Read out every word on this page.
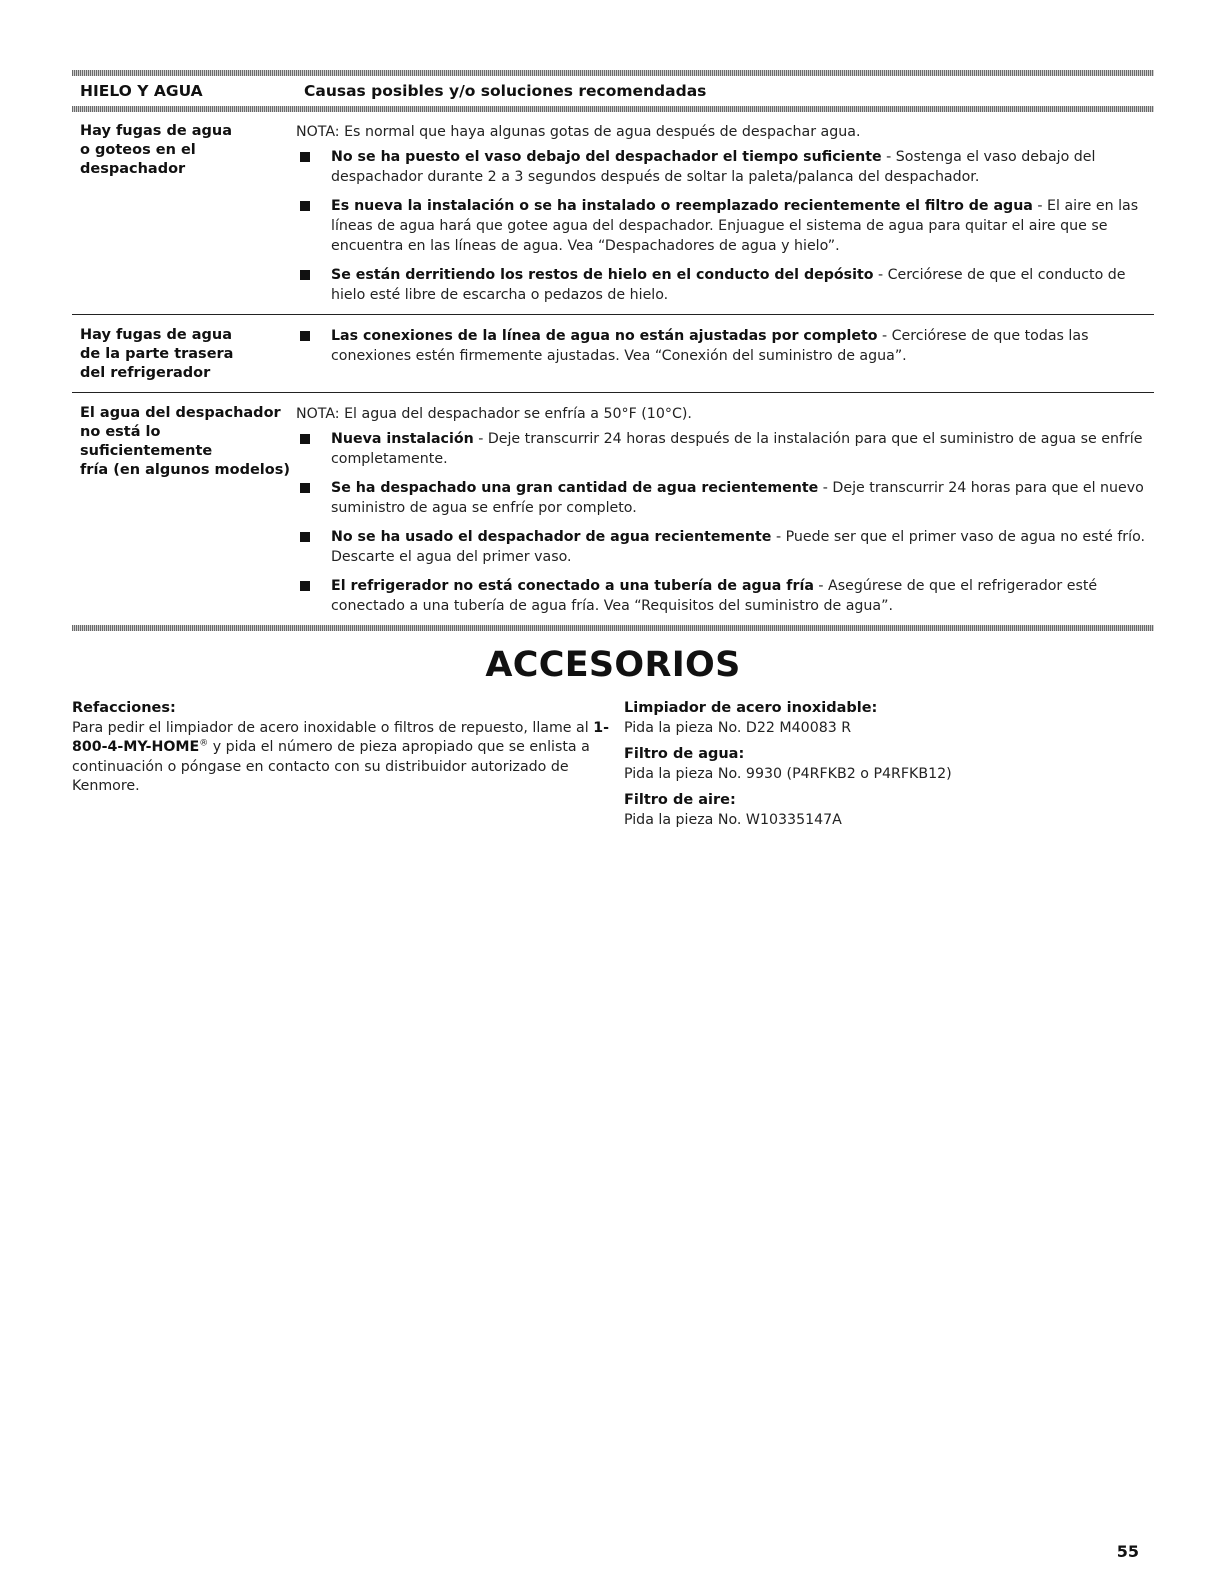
HIELO Y AGUA	Causas posibles y/o soluciones recomendadas
Hay fugas de agua
o goteos en el despachador
NOTA: Es normal que haya algunas gotas de agua después de despachar agua.
No se ha puesto el vaso debajo del despachador el tiempo suficiente - Sostenga el vaso debajo del despachador durante 2 a 3 segundos después de soltar la paleta/palanca del despachador.
Es nueva la instalación o se ha instalado o reemplazado recientemente el filtro de agua - El aire en las líneas de agua hará que gotee agua del despachador. Enjuague el sistema de agua para quitar el aire que se encuentra en las líneas de agua. Vea “Despachadores de agua y hielo”.
Se están derritiendo los restos de hielo en el conducto del depósito - Cerciórese de que el conducto de hielo esté libre de escarcha o pedazos de hielo.
Hay fugas de agua
de la parte trasera
del refrigerador
Las conexiones de la línea de agua no están ajustadas por completo - Cerciórese de que todas las conexiones estén firmemente ajustadas. Vea “Conexión del suministro de agua”.
El agua del despachador
no está lo suficientemente
fría (en algunos modelos)
NOTA: El agua del despachador se enfría a 50°F (10°C).
Nueva instalación - Deje transcurrir 24 horas después de la instalación para que el suministro de agua se enfríe completamente.
Se ha despachado una gran cantidad de agua recientemente - Deje transcurrir 24 horas para que el nuevo suministro de agua se enfríe por completo.
No se ha usado el despachador de agua recientemente - Puede ser que el primer vaso de agua no esté frío. Descarte el agua del primer vaso.
El refrigerador no está conectado a una tubería de agua fría - Asegúrese de que el refrigerador esté conectado a una tubería de agua fría. Vea “Requisitos del suministro de agua”.
ACCESORIOS
Refacciones:
Para pedir el limpiador de acero inoxidable o filtros de repuesto, llame al 1-800-4-MY-HOME® y pida el número de pieza apropiado que se enlista a continuación o póngase en contacto con su distribuidor autorizado de Kenmore.
Limpiador de acero inoxidable:
Pida la pieza No. D22 M40083 R
Filtro de agua:
Pida la pieza No. 9930 (P4RFKB2 o P4RFKB12)
Filtro de aire:
Pida la pieza No. W10335147A
55
